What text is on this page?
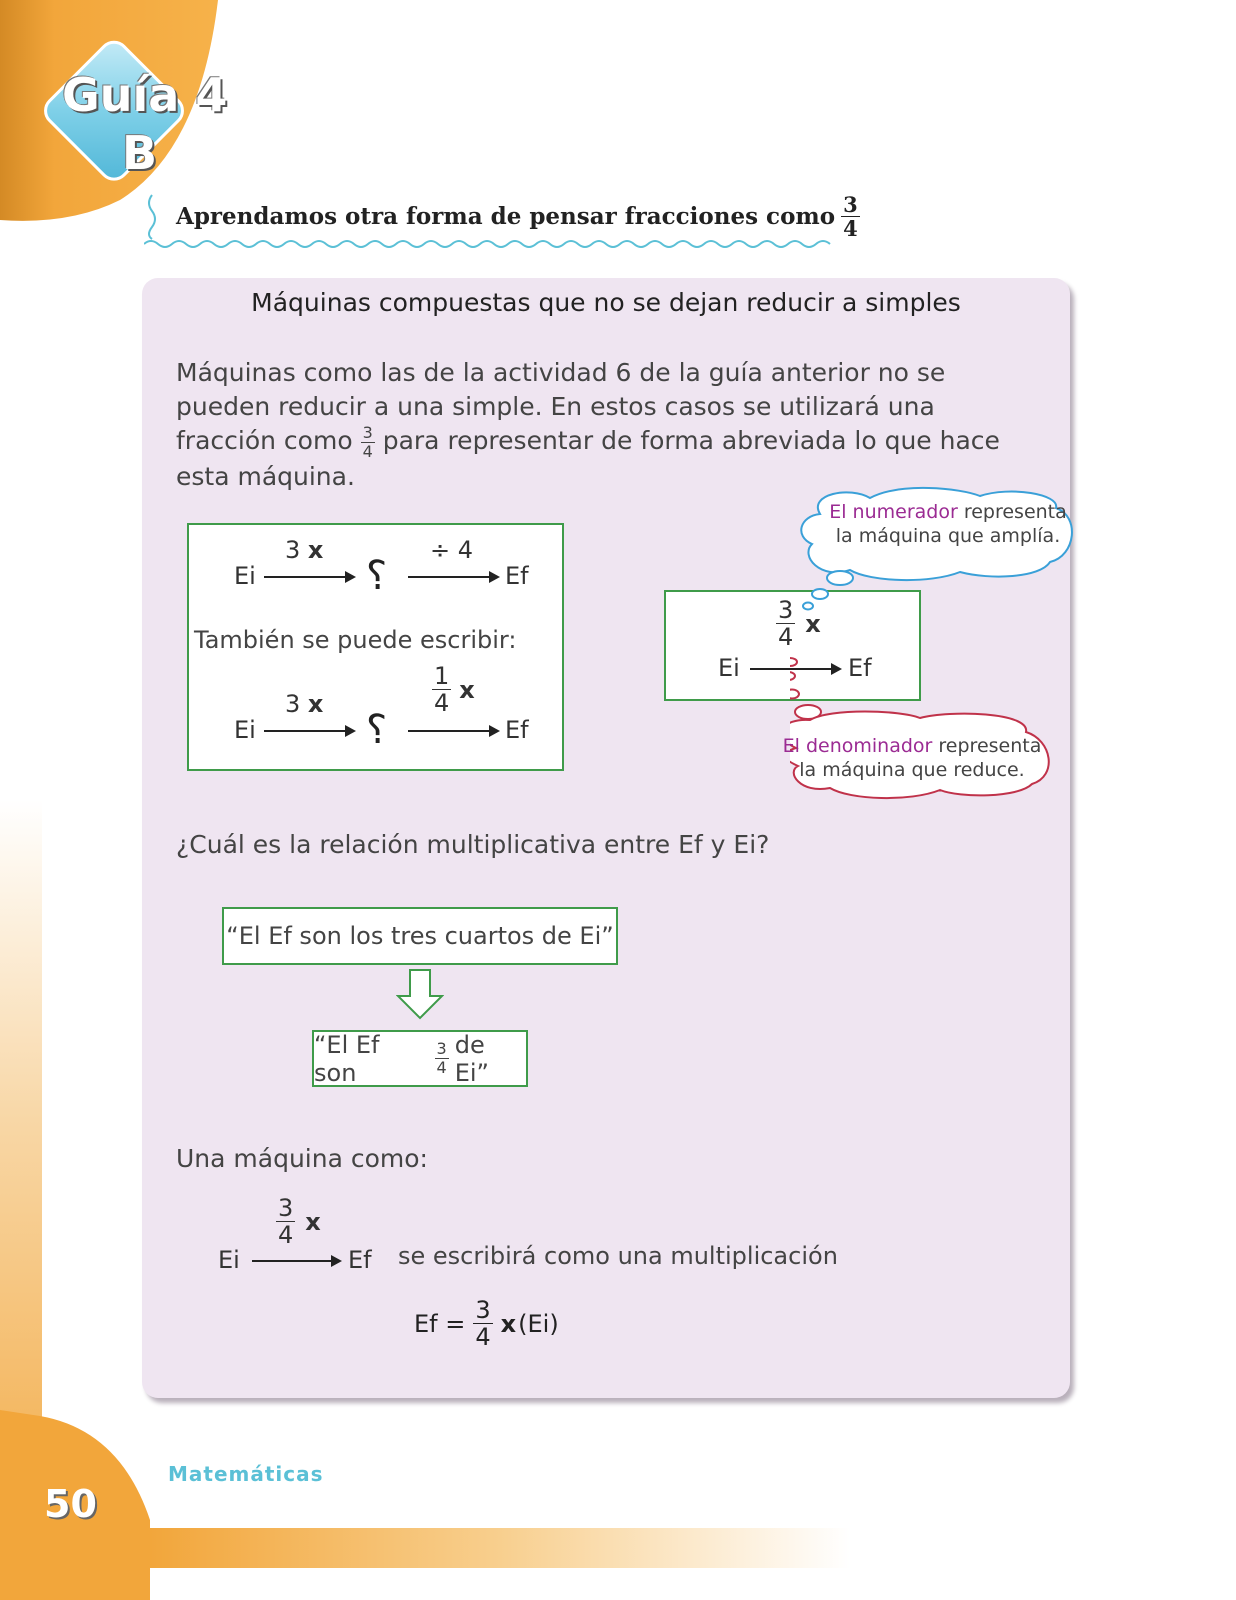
Guía 4
B
Aprendamos otra forma de pensar fracciones como 3
4
Máquinas compuestas que no se dejan reducir a simples
Máquinas como las de la actividad 6 de la guía anterior no se pueden reducir a una simple. En estos casos se utilizará una fracción como $\frac{3}{4}$ para representar de forma abreviada lo que hace esta máquina.
Ei
3 x
?
÷ 4
Ef
También se puede escribir:
Ei
3 x
?
1
4 x
Ef
Ei
3
4 x
Ef
El numerador representa
la máquina que amplía.
El denominador representa
la máquina que reduce.
¿Cuál es la relación multiplicativa entre Ef y Ei?
“El Ef son los tres cuartos de Ei”
“El Ef son
3
4
de Ei”
Una máquina como:
Ei
3
4 x
Ef se escribirá como una multiplicación
$Ef = \frac{3}{4}$ x (Ei)
Matemáticas
50
